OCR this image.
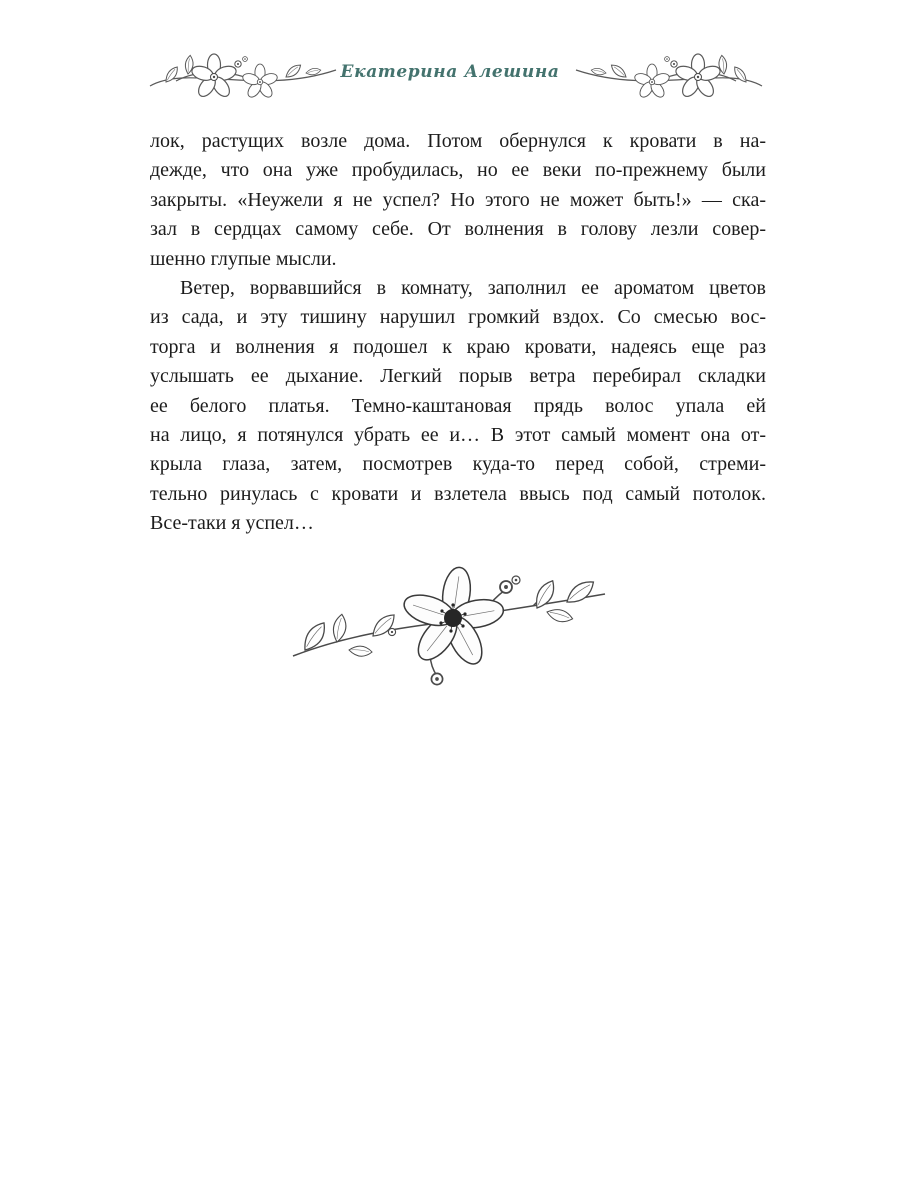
Екатерина Алешина
лок, растущих возле дома. Потом обернулся к кровати в на-
дежде, что она уже пробудилась, но ее веки по-прежнему были
закрыты. «Неужели я не успел? Но этого не может быть!» — ска-
зал в сердцах самому себе. От волнения в голову лезли совер-
шенно глупые мысли.
Ветер, ворвавшийся в комнату, заполнил ее ароматом цветов
из сада, и эту тишину нарушил громкий вздох. Со смесью вос-
торга и волнения я подошел к краю кровати, надеясь еще раз
услышать ее дыхание. Легкий порыв ветра перебирал складки
ее белого платья. Темно-каштановая прядь волос упала ей
на лицо, я потянулся убрать ее и… В этот самый момент она от-
крыла глаза, затем, посмотрев куда-то перед собой, стреми-
тельно ринулась с кровати и взлетела ввысь под самый потолок.
Все-таки я успел…
